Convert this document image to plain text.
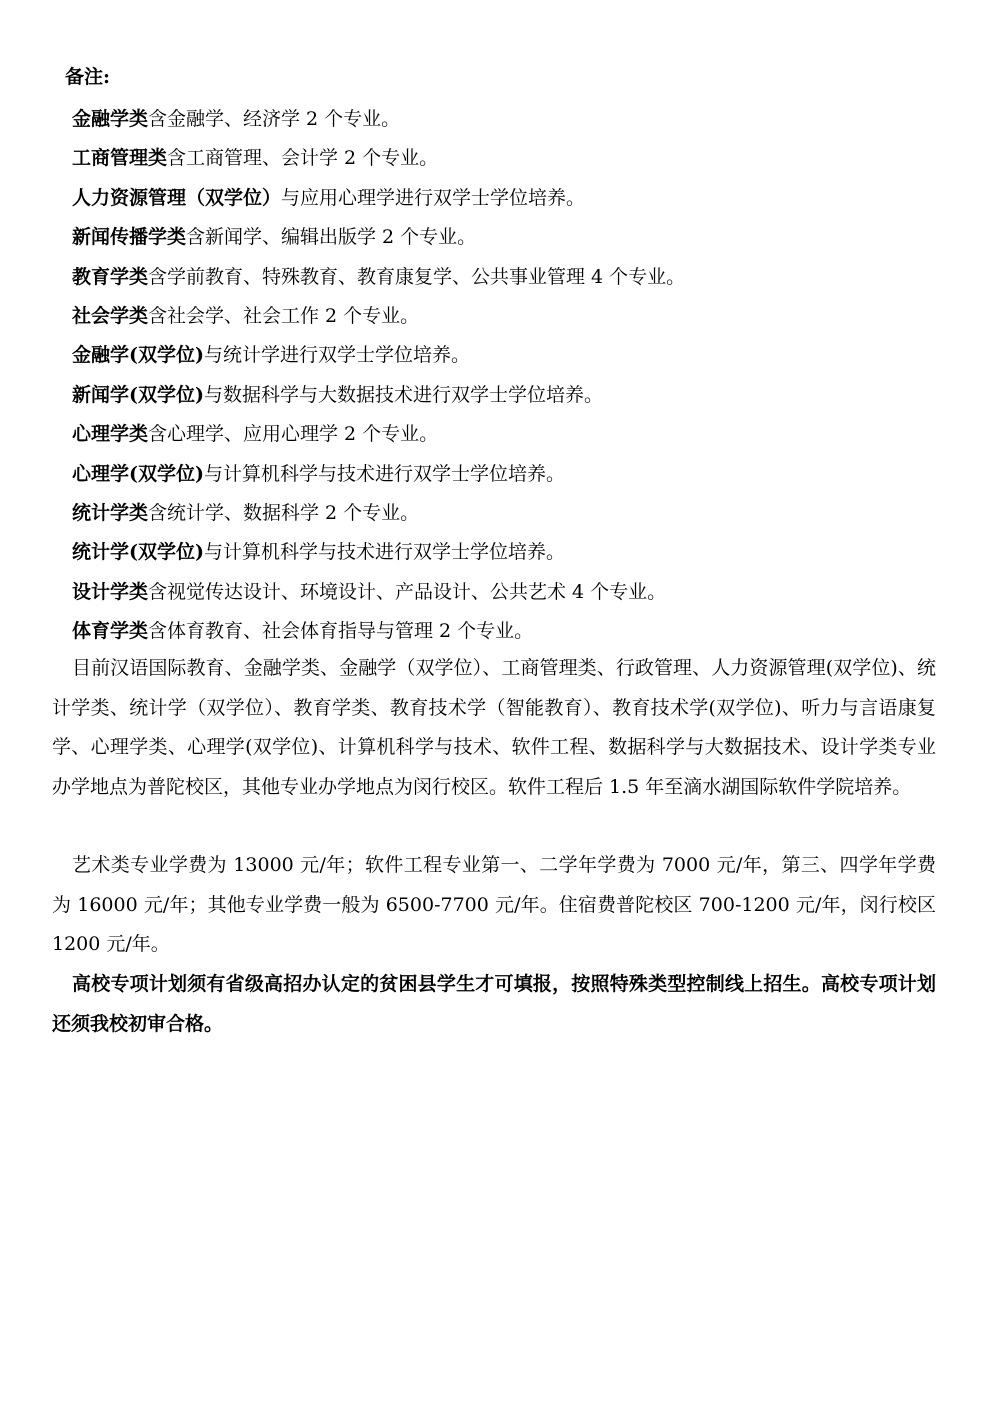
备注:
金融学类含金融学、经济学 2 个专业。
工商管理类含工商管理、会计学 2 个专业。
人力资源管理（双学位）与应用心理学进行双学士学位培养。
新闻传播学类含新闻学、编辑出版学 2 个专业。
教育学类含学前教育、特殊教育、教育康复学、公共事业管理 4 个专业。
社会学类含社会学、社会工作 2 个专业。
金融学(双学位)与统计学进行双学士学位培养。
新闻学(双学位)与数据科学与大数据技术进行双学士学位培养。
心理学类含心理学、应用心理学 2 个专业。
心理学(双学位)与计算机科学与技术进行双学士学位培养。
统计学类含统计学、数据科学 2 个专业。
统计学(双学位)与计算机科学与技术进行双学士学位培养。
设计学类含视觉传达设计、环境设计、产品设计、公共艺术 4 个专业。
体育学类含体育教育、社会体育指导与管理 2 个专业。

目前汉语国际教育、金融学类、金融学（双学位）、工商管理类、行政管理、人力资源管理(双学位)、统计学类、统计学（双学位）、教育学类、教育技术学（智能教育）、教育技术学(双学位)、听力与言语康复学、心理学类、心理学(双学位)、计算机科学与技术、软件工程、数据科学与大数据技术、设计学类专业办学地点为普陀校区，其他专业办学地点为闵行校区。软件工程后 1.5 年至滴水湖国际软件学院培养。

艺术类专业学费为 13000 元/年；软件工程专业第一、二学年学费为 7000 元/年，第三、四学年学费为 16000 元/年；其他专业学费一般为 6500-7700 元/年。住宿费普陀校区 700-1200 元/年，闵行校区 1200 元/年。

高校专项计划须有省级高招办认定的贫困县学生才可填报，按照特殊类型控制线上招生。高校专项计划还须我校初审合格。
